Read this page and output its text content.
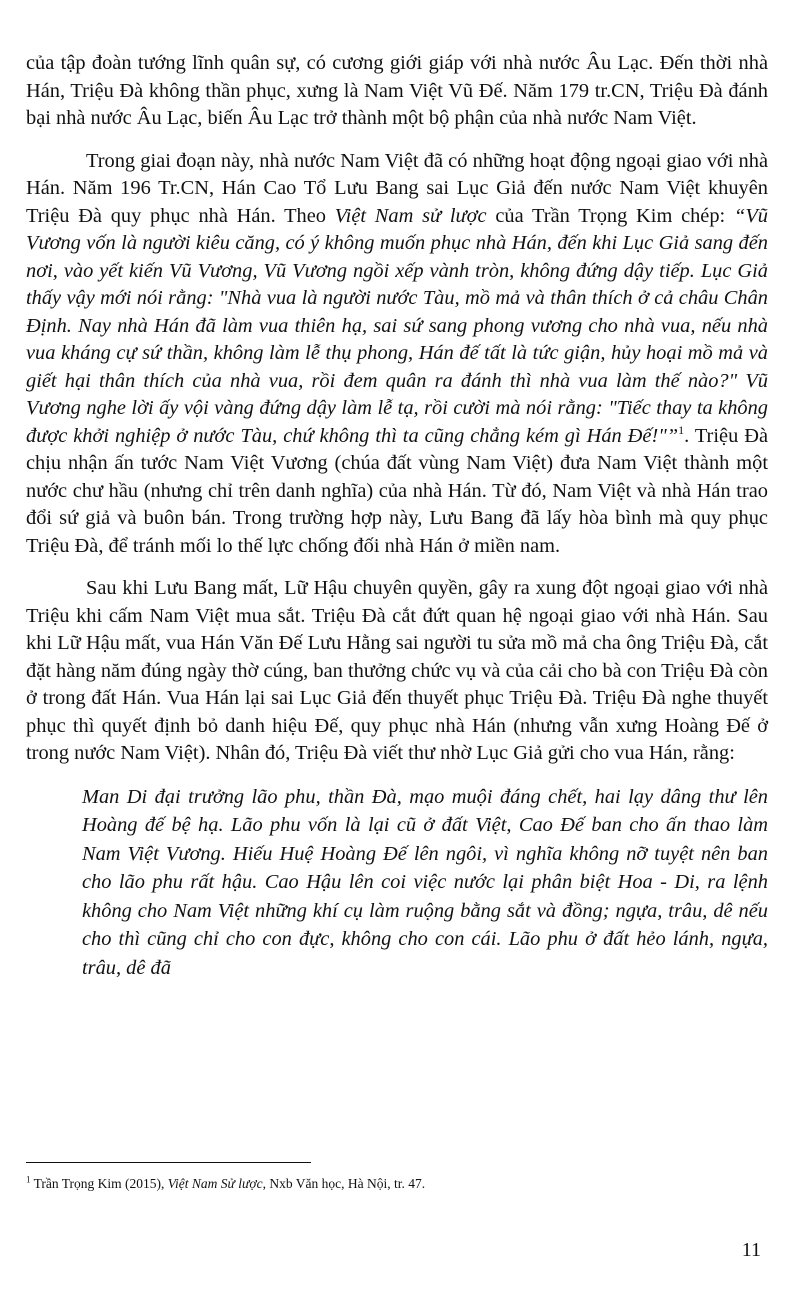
của tập đoàn tướng lĩnh quân sự, có cương giới giáp với nhà nước Âu Lạc. Đến thời nhà Hán, Triệu Đà không thần phục, xưng là Nam Việt Vũ Đế. Năm 179 tr.CN, Triệu Đà đánh bại nhà nước Âu Lạc, biến Âu Lạc trở thành một bộ phận của nhà nước Nam Việt.

Trong giai đoạn này, nhà nước Nam Việt đã có những hoạt động ngoại giao với nhà Hán. Năm 196 Tr.CN, Hán Cao Tổ Lưu Bang sai Lục Giả đến nước Nam Việt khuyên Triệu Đà quy phục nhà Hán. Theo Việt Nam sử lược của Trần Trọng Kim chép: “Vũ Vương vốn là người kiêu căng, có ý không muốn phục nhà Hán, đến khi Lục Giả sang đến nơi, vào yết kiến Vũ Vương, Vũ Vương ngồi xếp vành tròn, không đứng dậy tiếp. Lục Giả thấy vậy mới nói rằng: "Nhà vua là người nước Tàu, mồ mả và thân thích ở cả châu Chân Định. Nay nhà Hán đã làm vua thiên hạ, sai sứ sang phong vương cho nhà vua, nếu nhà vua kháng cự sứ thần, không làm lễ thụ phong, Hán đế tất là tức giận, hủy hoại mồ mả và giết hại thân thích của nhà vua, rồi đem quân ra đánh thì nhà vua làm thế nào?" Vũ Vương nghe lời ấy vội vàng đứng dậy làm lễ tạ, rồi cười mà nói rằng: "Tiếc thay ta không được khởi nghiệp ở nước Tàu, chứ không thì ta cũng chẳng kém gì Hán Đế!"”$^1$. Triệu Đà chịu nhận ấn tước Nam Việt Vương (chúa đất vùng Nam Việt) đưa Nam Việt thành một nước chư hầu (nhưng chỉ trên danh nghĩa) của nhà Hán. Từ đó, Nam Việt và nhà Hán trao đổi sứ giả và buôn bán. Trong trường hợp này, Lưu Bang đã lấy hòa bình mà quy phục Triệu Đà, để tránh mối lo thế lực chống đối nhà Hán ở miền nam.

Sau khi Lưu Bang mất, Lữ Hậu chuyên quyền, gây ra xung đột ngoại giao với nhà Triệu khi cấm Nam Việt mua sắt. Triệu Đà cắt đứt quan hệ ngoại giao với nhà Hán. Sau khi Lữ Hậu mất, vua Hán Văn Đế Lưu Hằng sai người tu sửa mồ mả cha ông Triệu Đà, cắt đặt hàng năm đúng ngày thờ cúng, ban thưởng chức vụ và của cải cho bà con Triệu Đà còn ở trong đất Hán. Vua Hán lại sai Lục Giả đến thuyết phục Triệu Đà. Triệu Đà nghe thuyết phục thì quyết định bỏ danh hiệu Đế, quy phục nhà Hán (nhưng vẫn xưng Hoàng Đế ở trong nước Nam Việt). Nhân đó, Triệu Đà viết thư nhờ Lục Giả gửi cho vua Hán, rằng:

Man Di đại trưởng lão phu, thần Đà, mạo muội đáng chết, hai lạy dâng thư lên Hoàng đế bệ hạ. Lão phu vốn là lại cũ ở đất Việt, Cao Đế ban cho ấn thao làm Nam Việt Vương. Hiếu Huệ Hoàng Đế lên ngôi, vì nghĩa không nỡ tuyệt nên ban cho lão phu rất hậu. Cao Hậu lên coi việc nước lại phân biệt Hoa - Di, ra lệnh không cho Nam Việt những khí cụ làm ruộng bằng sắt và đồng; ngựa, trâu, dê nếu cho thì cũng chỉ cho con đực, không cho con cái. Lão phu ở đất hẻo lánh, ngựa, trâu, dê đã

$^1$ Trần Trọng Kim (2015), Việt Nam Sử lược, Nxb Văn học, Hà Nội, tr. 47.
11
